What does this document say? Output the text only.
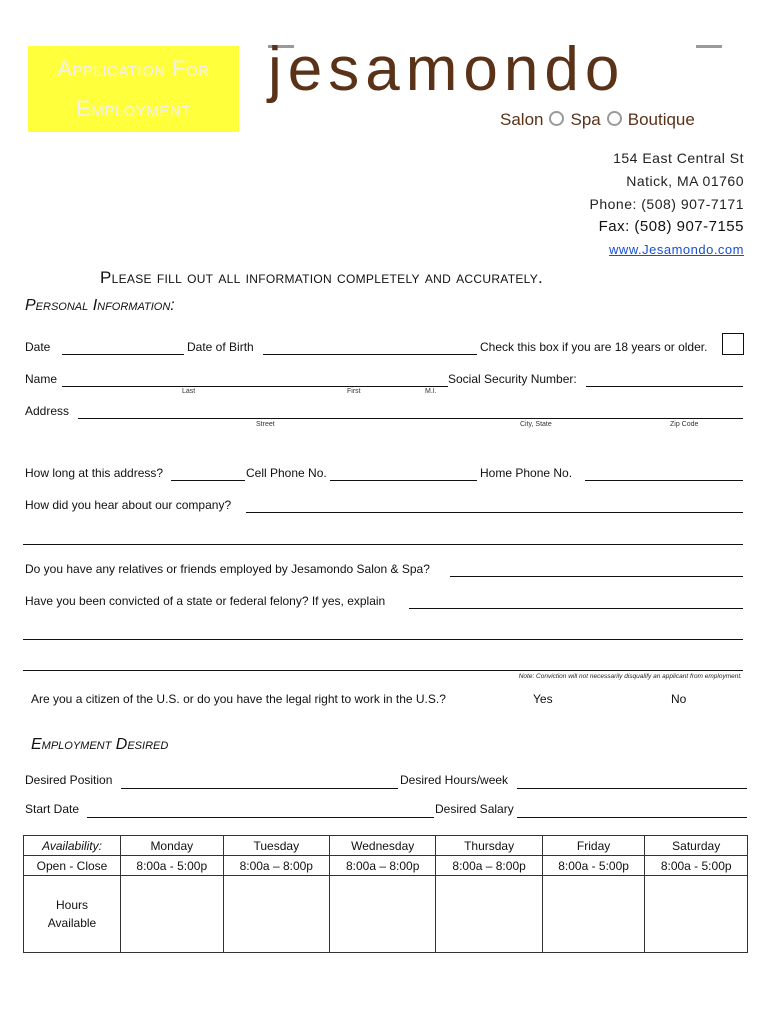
Application For
Employment
jesamondo
Salon Spa Boutique
154 East Central St
Natick, MA 01760
Phone: (508) 907-7171
Fax: (508) 907-7155
www.Jesamondo.com
Please fill out all information completely and accurately.
Personal Information:
Date	Date of Birth	Check this box if you are 18 years or older.
Name
Last	First	M.I.
Social Security Number:
Address
Street	City, State	Zip Code
How long at this address?	Cell Phone No.	Home Phone No.
How did you hear about our company?
Do you have any relatives or friends employed by Jesamondo Salon & Spa?
Have you been convicted of a state or federal felony? If yes, explain
Note: Conviction will not necessarily disqualify an applicant from employment.
Are you a citizen of the U.S. or do you have the legal right to work in the U.S.?	Yes	No
Employment Desired
Desired Position	Desired Hours/week
Start Date	Desired Salary
Availability:	Monday	Tuesday	Wednesday	Thursday	Friday	Saturday
Open - Close	8:00a - 5:00p	8:00a – 8:00p	8:00a – 8:00p	8:00a – 8:00p	8:00a - 5:00p	8:00a - 5:00p
Hours
Available						
